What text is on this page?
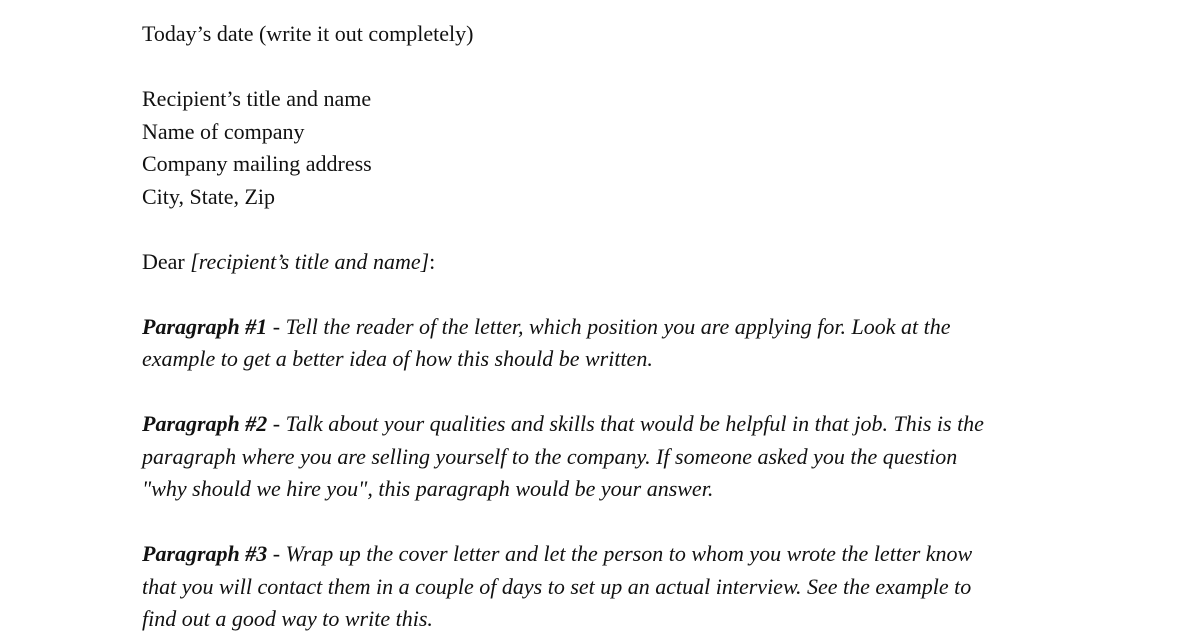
Today’s date (write it out completely)
Recipient’s title and name
Name of company
Company mailing address
City, State, Zip
Dear [recipient’s title and name]:
Paragraph #1 - Tell the reader of the letter, which position you are applying for. Look at the
example to get a better idea of how this should be written.
Paragraph #2 - Talk about your qualities and skills that would be helpful in that job. This is the
paragraph where you are selling yourself to the company. If someone asked you the question
"why should we hire you", this paragraph would be your answer.
Paragraph #3 - Wrap up the cover letter and let the person to whom you wrote the letter know
that you will contact them in a couple of days to set up an actual interview. See the example to
find out a good way to write this.
